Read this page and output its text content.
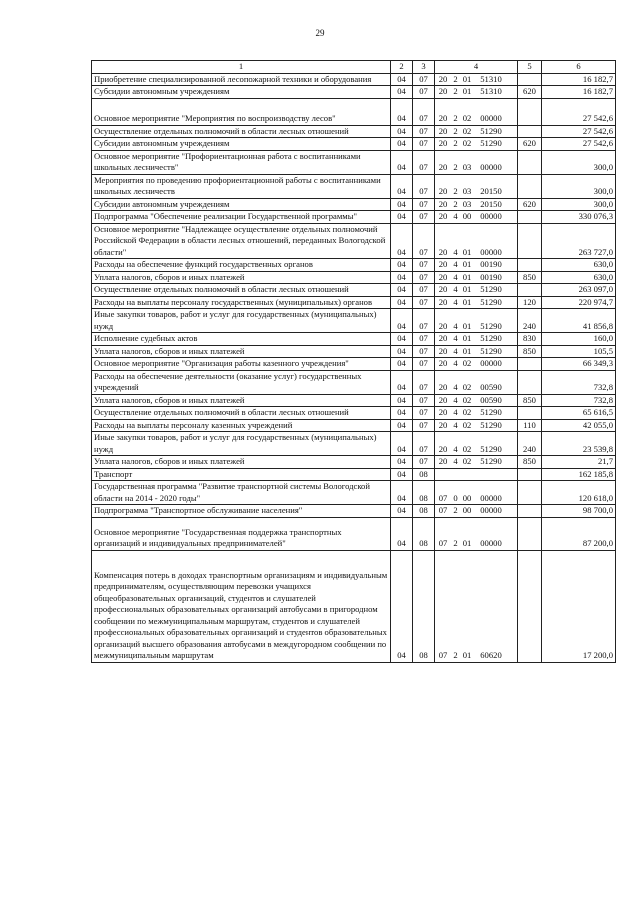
29
1	2	3	4	5	6
Приобретение специализированной лесопожарной техники и оборудования	04	07	20 2 01 51310		16 182,7
Субсидии автономным учреждениям	04	07	20 2 01 51310	620	16 182,7
Основное мероприятие "Мероприятия по воспроизводству лесов"	04	07	20 2 02 00000		27 542,6
Осуществление отдельных полномочий в области лесных отношений	04	07	20 2 02 51290		27 542,6
Субсидии автономным учреждениям	04	07	20 2 02 51290	620	27 542,6
Основное мероприятие "Профориентационная работа с воспитанниками школьных лесничеств"	04	07	20 2 03 00000		300,0
Мероприятия по проведению профориентационной работы с воспитанниками школьных лесничеств	04	07	20 2 03 20150		300,0
Субсидии автономным учреждениям	04	07	20 2 03 20150	620	300,0
Подпрограмма "Обеспечение реализации Государственной программы"	04	07	20 4 00 00000		330 076,3
Основное мероприятие "Надлежащее осуществление отдельных полномочий Российской Федерации в области лесных отношений, переданных Вологодской области"	04	07	20 4 01 00000		263 727,0
Расходы на обеспечение функций государственных органов	04	07	20 4 01 00190		630,0
Уплата налогов, сборов и иных платежей	04	07	20 4 01 00190	850	630,0
Осуществление отдельных полномочий в области лесных отношений	04	07	20 4 01 51290		263 097,0
Расходы на выплаты персоналу государственных (муниципальных) органов	04	07	20 4 01 51290	120	220 974,7
Иные закупки товаров, работ и услуг для государственных (муниципальных) нужд	04	07	20 4 01 51290	240	41 856,8
Исполнение судебных актов	04	07	20 4 01 51290	830	160,0
Уплата налогов, сборов и иных платежей	04	07	20 4 01 51290	850	105,5
Основное мероприятие "Организация работы казенного учреждения"	04	07	20 4 02 00000		66 349,3
Расходы на обеспечение деятельности (оказание услуг) государственных учреждений	04	07	20 4 02 00590		732,8
Уплата налогов, сборов и иных платежей	04	07	20 4 02 00590	850	732,8
Осуществление отдельных полномочий в области лесных отношений	04	07	20 4 02 51290		65 616,5
Расходы на выплаты персоналу казенных учреждений	04	07	20 4 02 51290	110	42 055,0
Иные закупки товаров, работ и услуг для государственных (муниципальных) нужд	04	07	20 4 02 51290	240	23 539,8
Уплата налогов, сборов и иных платежей	04	07	20 4 02 51290	850	21,7
Транспорт	04	08			162 185,8
Государственная программа "Развитие транспортной системы Вологодской области на 2014 - 2020 годы"	04	08	07 0 00 00000		120 618,0
Подпрограмма "Транспортное обслуживание населения"	04	08	07 2 00 00000		98 700,0
Основное мероприятие "Государственная поддержка транспортных организаций и индивидуальных предпринимателей"	04	08	07 2 01 00000		87 200,0
Компенсация потерь в доходах транспортным организациям и индивидуальным предпринимателям, осуществляющим перевозки учащихся общеобразовательных организаций, студентов и слушателей профессиональных образовательных организаций автобусами в пригородном сообщении по межмуниципальным маршрутам, студентов и слушателей профессиональных образовательных организаций и студентов образовательных организаций высшего образования автобусами в междугородном сообщении по межмуниципальным маршрутам	04	08	07 2 01 60620		17 200,0
